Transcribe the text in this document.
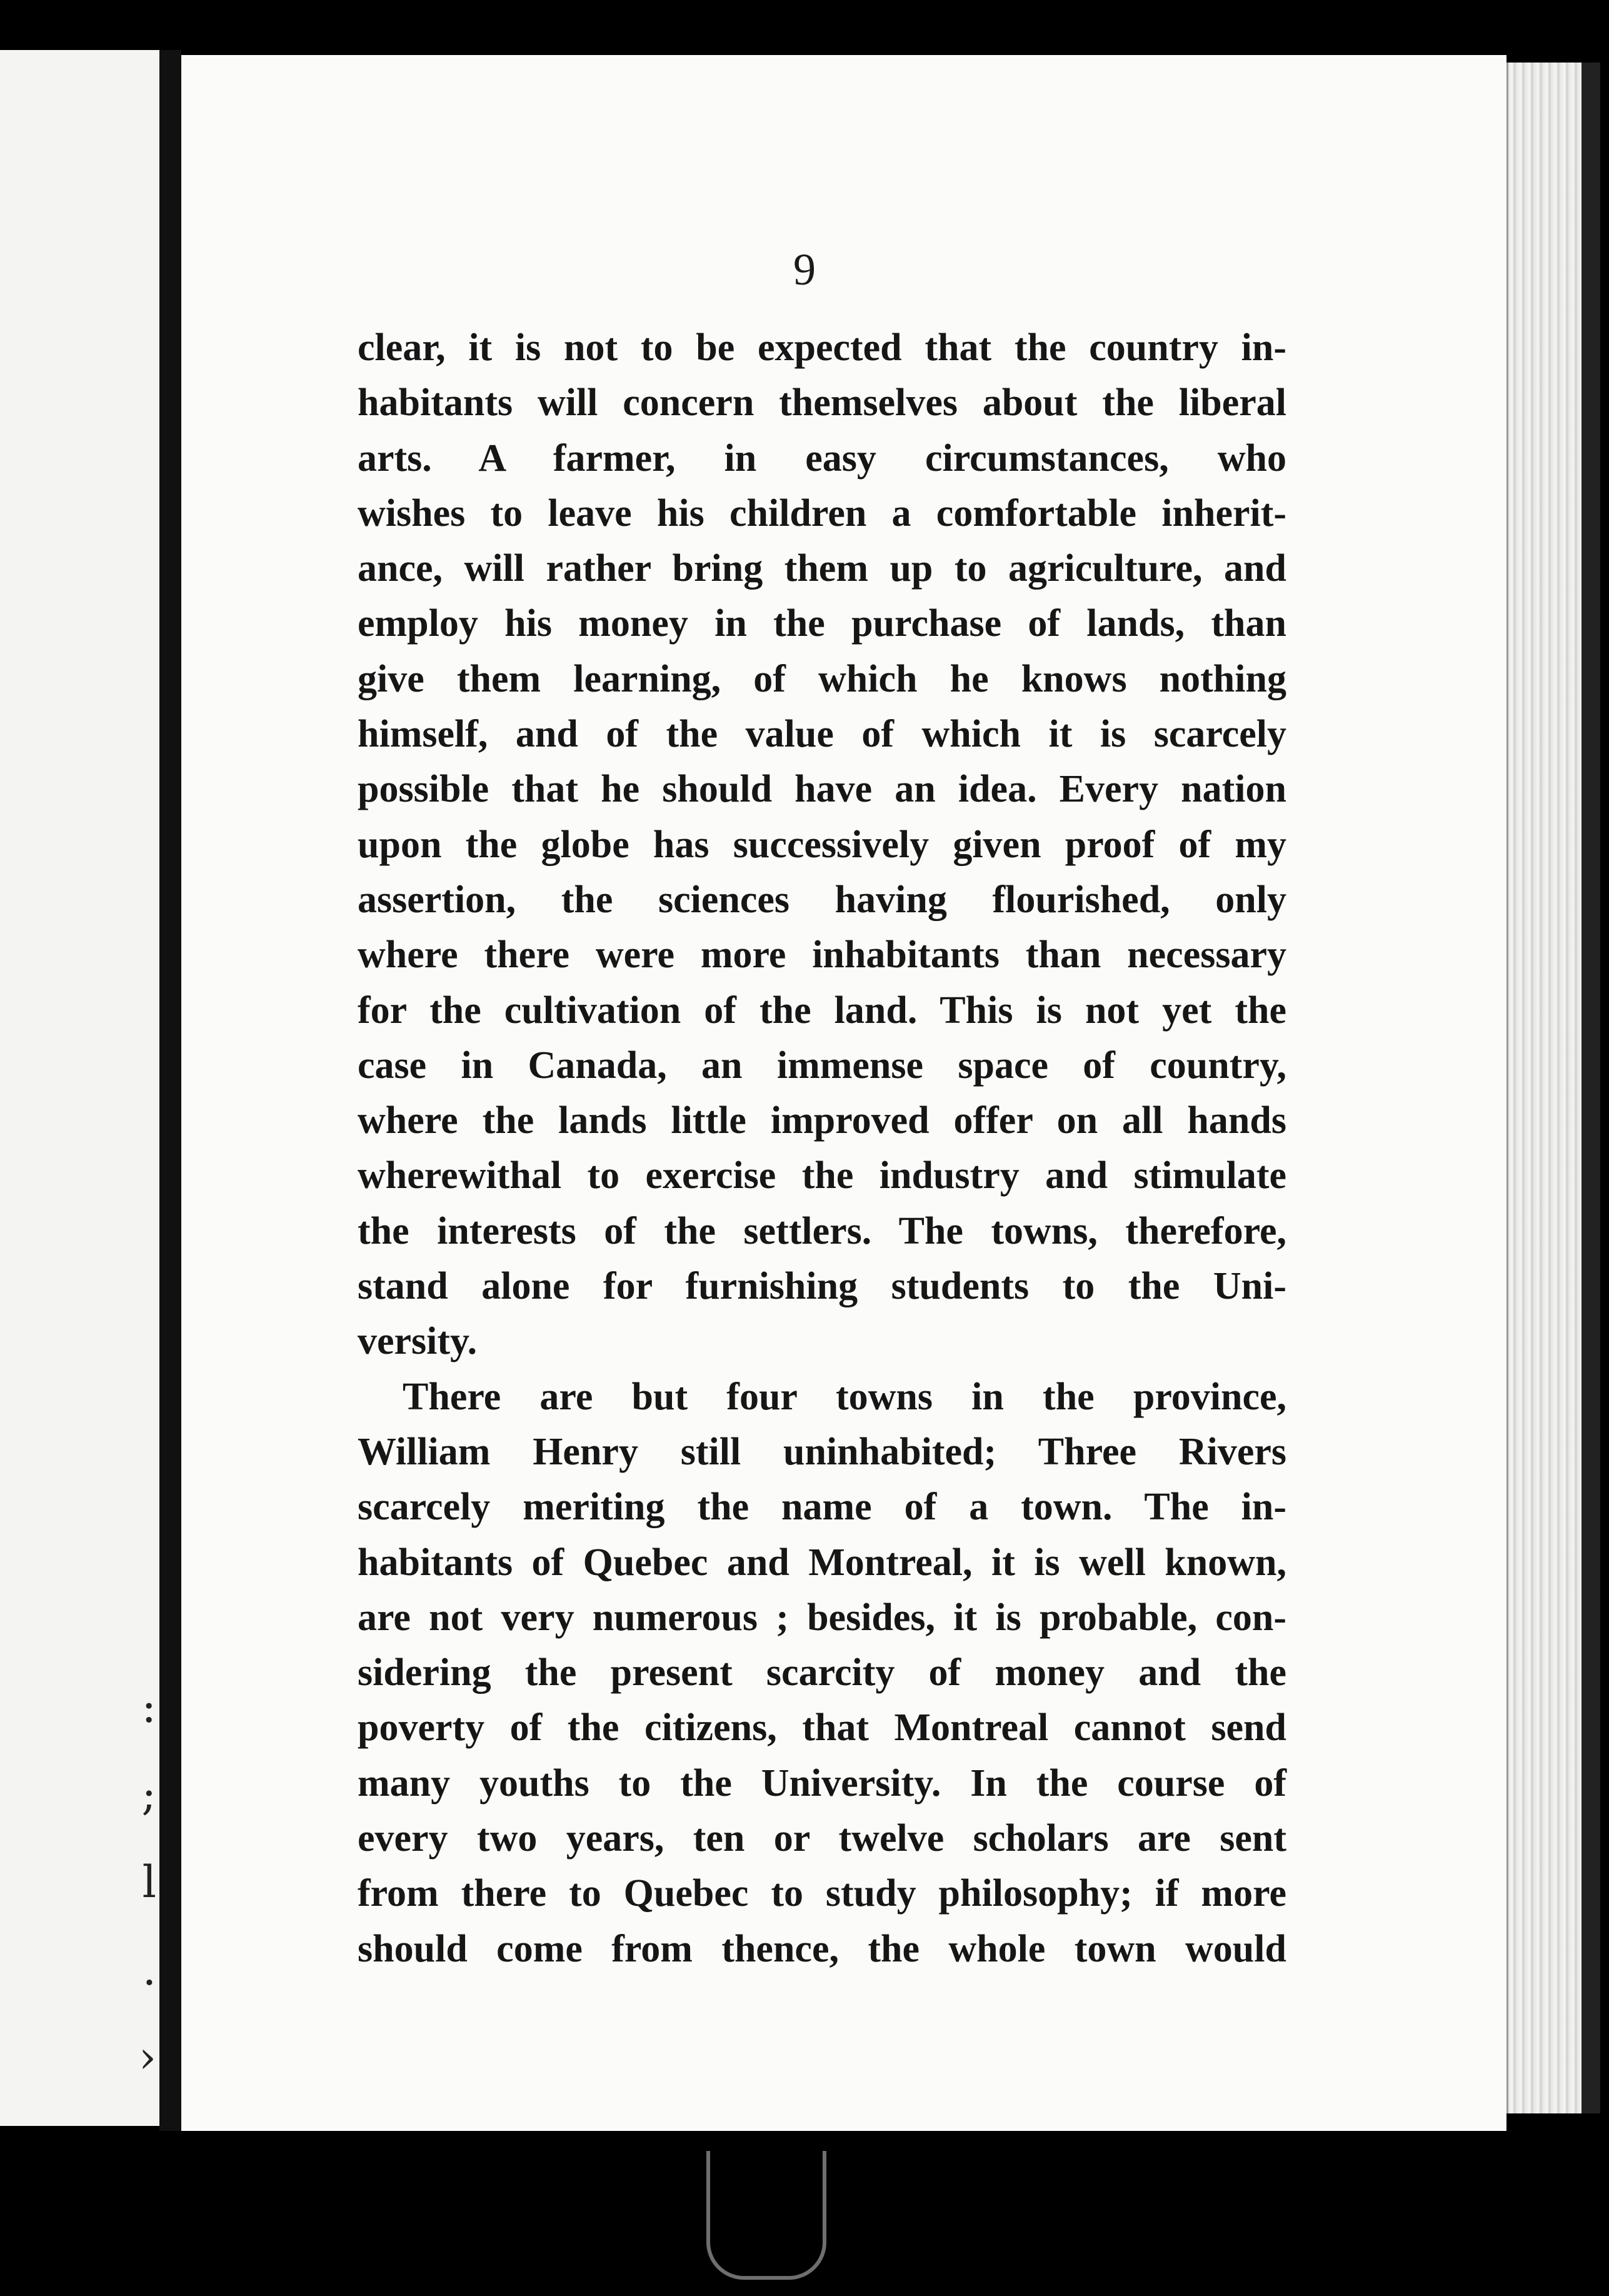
:
;
l
.
›
9
clear, it is not to be expected that the country in-
habitants will concern themselves about the liberal
arts. A farmer, in easy circumstances, who
wishes to leave his children a comfortable inherit-
ance, will rather bring them up to agriculture, and
employ his money in the purchase of lands, than
give them learning, of which he knows nothing
himself, and of the value of which it is scarcely
possible that he should have an idea. Every nation
upon the globe has successively given proof of my
assertion, the sciences having flourished, only
where there were more inhabitants than necessary
for the cultivation of the land. This is not yet the
case in Canada, an immense space of country,
where the lands little improved offer on all hands
wherewithal to exercise the industry and stimulate
the interests of the settlers. The towns, therefore,
stand alone for furnishing students to the Uni-
versity.
There are but four towns in the province,
William Henry still uninhabited; Three Rivers
scarcely meriting the name of a town. The in-
habitants of Quebec and Montreal, it is well known,
are not very numerous ; besides, it is probable, con-
sidering the present scarcity of money and the
poverty of the citizens, that Montreal cannot send
many youths to the University. In the course of
every two years, ten or twelve scholars are sent
from there to Quebec to study philosophy; if more
should come from thence, the whole town would
